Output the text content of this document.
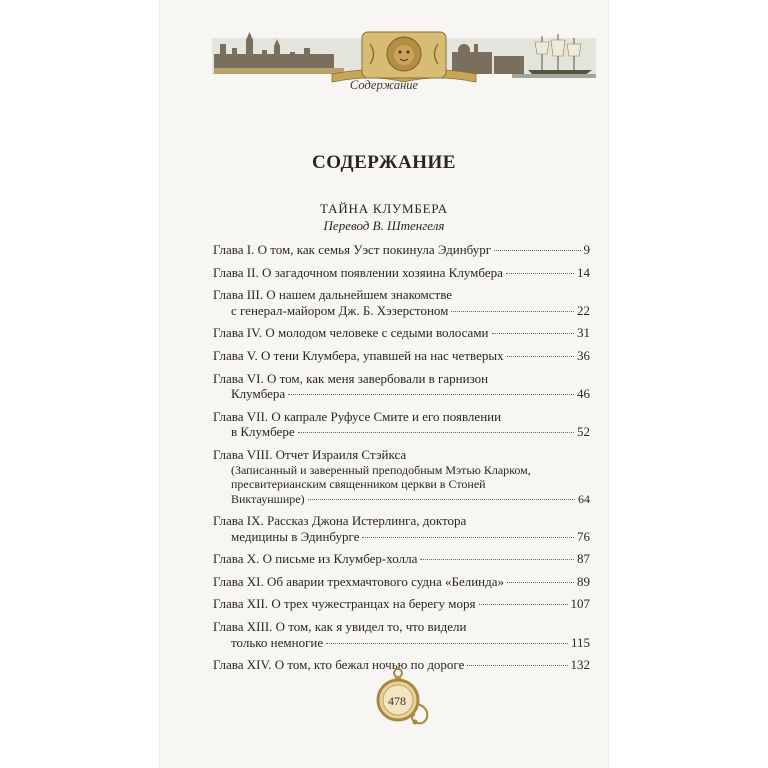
Содержание
СОДЕРЖАНИЕ
ТАЙНА КЛУМБЕРА
Перевод В. Штенгеля
Глава I. О том, как семья Уэст покинула Эдинбург	9
Глава II. О загадочном появлении хозяина Клумбера	14
Глава III. О нашем дальнейшем знакомстве
с генерал-майором Дж. Б. Хэзерстоном	22
Глава IV. О молодом человеке с седыми волосами	31
Глава V. О тени Клумбера, упавшей на нас четверых	36
Глава VI. О том, как меня завербовали в гарнизон
Клумбера	46
Глава VII. О капрале Руфусе Смите и его появлении
в Клумбере	52
Глава VIII. Отчет Израиля Стэйкса
(Записанный и заверенный преподобным Мэтью Кларком,
пресвитерианским священником церкви в Стоней
Виктауншире)	64
Глава IX. Рассказ Джона Истерлинга, доктора
медицины в Эдинбурге	76
Глава X. О письме из Клумбер-холла	87
Глава XI. Об аварии трехмачтового судна «Белинда»	89
Глава XII. О трех чужестранцах на берегу моря	107
Глава XIII. О том, как я увидел то, что видели
только немногие	115
Глава XIV. О том, кто бежал ночью по дороге	132
478
